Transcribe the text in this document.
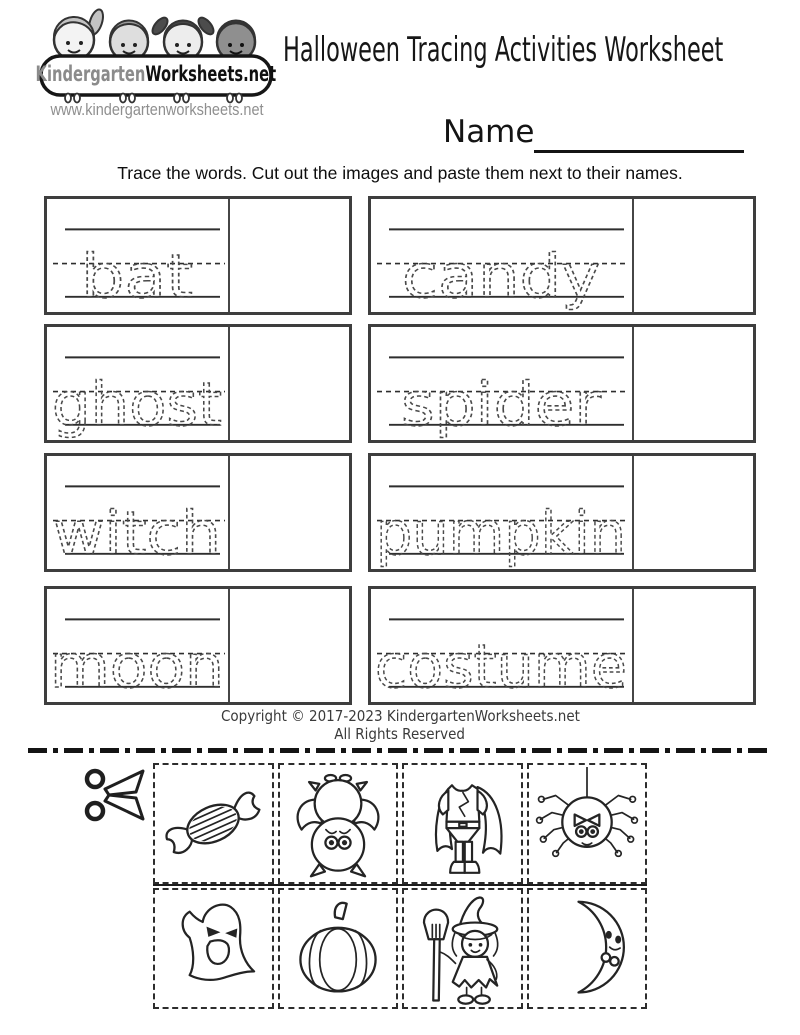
KindergartenWorksheets.net
www.kindergartenworksheets.net
Halloween Tracing Activities Worksheet
Name
Trace the words. Cut out the images and paste them next to their names.
bat	candy
ghost	spider
witch pumpkin
moon costume
Copyright © 2017-2023 KindergartenWorksheets.net
All Rights Reserved
